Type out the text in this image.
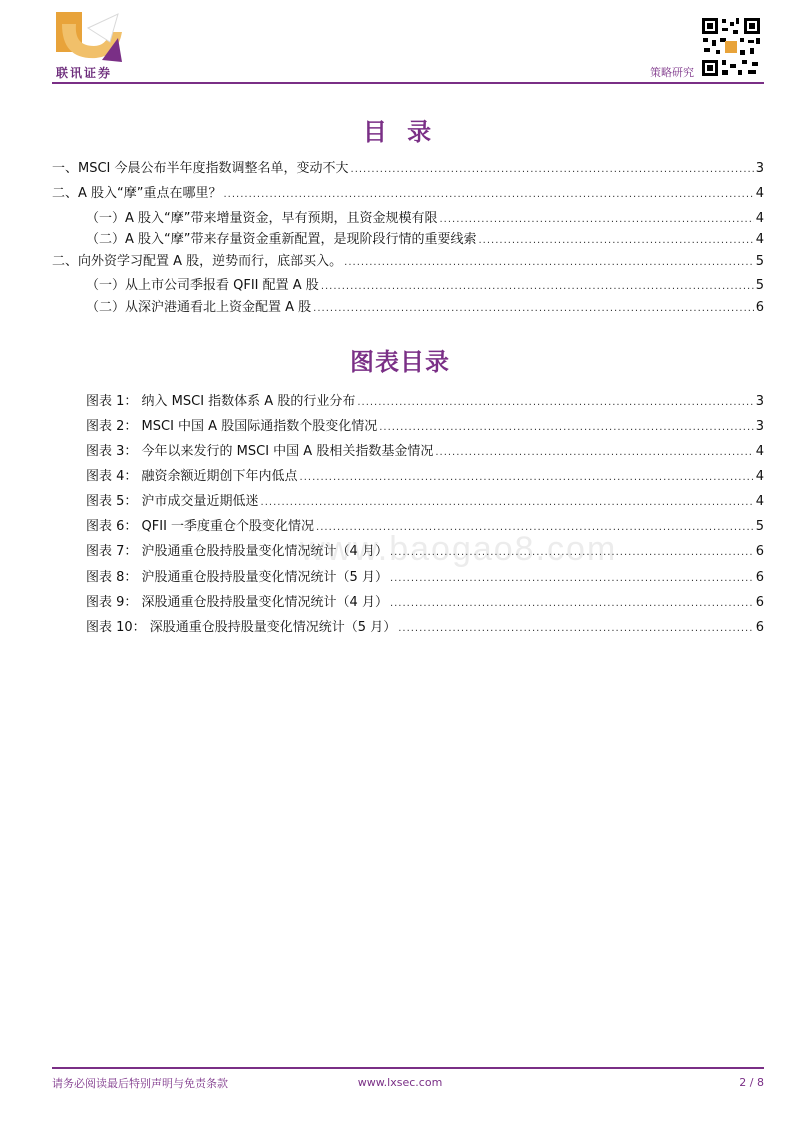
联讯证券	策略研究
目 录
一、MSCI 今晨公布半年度指数调整名单，变动不大 .....	3
二、A 股入“摩”重点在哪里？ .....	4
（一）A 股入“摩”带来增量资金，早有预期，且资金规模有限 .....	4
（二）A 股入“摩”带来存量资金重新配置，是现阶段行情的重要线索 .....	4
二、向外资学习配置 A 股，逆势而行，底部买入。 .....	5
（一）从上市公司季报看 QFII 配置 A 股 .....	5
（二）从深沪港通看北上资金配置 A 股 .....	6
图表目录
图表 1： 纳入 MSCI 指数体系 A 股的行业分布 .....	3
图表 2： MSCI 中国 A 股国际通指数个股变化情况 .....	3
图表 3： 今年以来发行的 MSCI 中国 A 股相关指数基金情况 .....	4
图表 4： 融资余额近期创下年内低点 .....	4
图表 5： 沪市成交量近期低迷 .....	4
图表 6： QFII 一季度重仓个股变化情况 .....	5
图表 7： 沪股通重仓股持股量变化情况统计（4 月） .....	6
图表 8： 沪股通重仓股持股量变化情况统计（5 月） .....	6
图表 9： 深股通重仓股持股量变化情况统计（4 月） .....	6
图表 10： 深股通重仓股持股量变化情况统计（5 月） .....	6
www.baogao8.com
请务必阅读最后特别声明与免责条款	www.lxsec.com	2 / 8
